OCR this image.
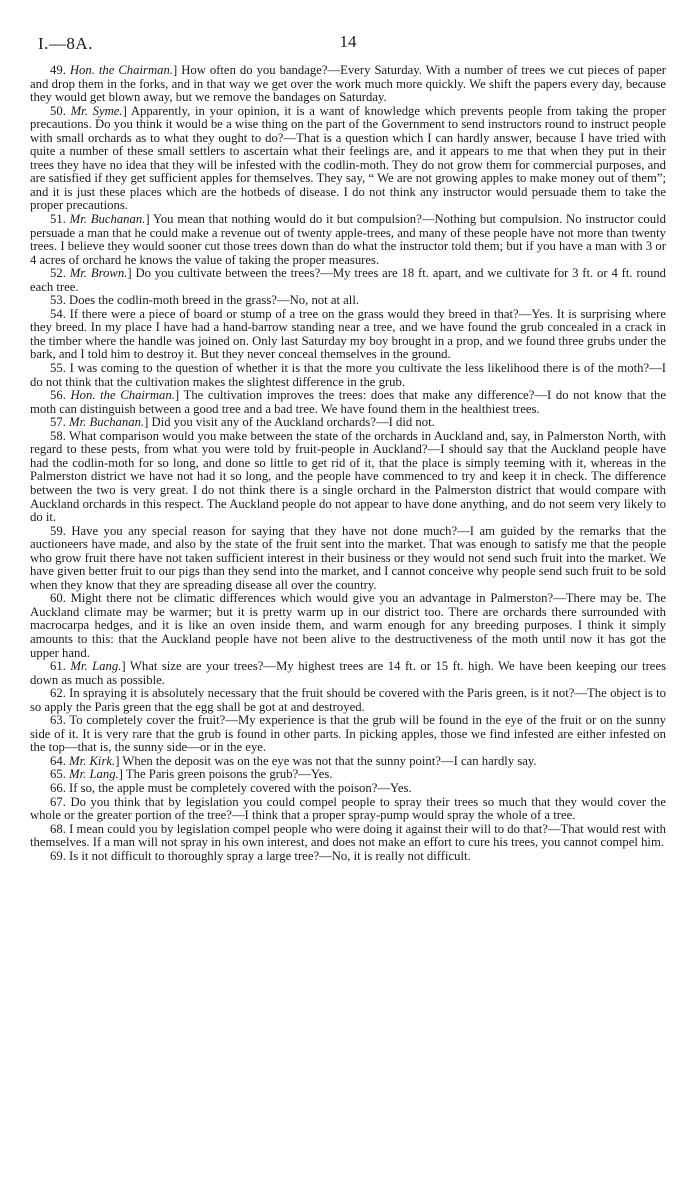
I.—8A.	14

49. Hon. the Chairman.] How often do you bandage?—Every Saturday. With a number of trees we cut pieces of paper and drop them in the forks, and in that way we get over the work much more quickly. We shift the papers every day, because they would get blown away, but we remove the bandages on Saturday.

50. Mr. Syme.] Apparently, in your opinion, it is a want of knowledge which prevents people from taking the proper precautions. Do you think it would be a wise thing on the part of the Government to send instructors round to instruct people with small orchards as to what they ought to do?—That is a question which I can hardly answer, because I have tried with quite a number of these small settlers to ascertain what their feelings are, and it appears to me that when they put in their trees they have no idea that they will be infested with the codlin-moth. They do not grow them for commercial purposes, and are satisfied if they get sufficient apples for themselves. They say, “ We are not growing apples to make money out of them”; and it is just these places which are the hotbeds of disease. I do not think any instructor would persuade them to take the proper precautions.

51. Mr. Buchanan.] You mean that nothing would do it but compulsion?—Nothing but compulsion. No instructor could persuade a man that he could make a revenue out of twenty apple-trees, and many of these people have not more than twenty trees. I believe they would sooner cut those trees down than do what the instructor told them; but if you have a man with 3 or 4 acres of orchard he knows the value of taking the proper measures.

52. Mr. Brown.] Do you cultivate between the trees?—My trees are 18 ft. apart, and we cultivate for 3 ft. or 4 ft. round each tree.

53. Does the codlin-moth breed in the grass?—No, not at all.

54. If there were a piece of board or stump of a tree on the grass would they breed in that?—Yes. It is surprising where they breed. In my place I have had a hand-barrow standing near a tree, and we have found the grub concealed in a crack in the timber where the handle was joined on. Only last Saturday my boy brought in a prop, and we found three grubs under the bark, and I told him to destroy it. But they never conceal themselves in the ground.

55. I was coming to the question of whether it is that the more you cultivate the less likelihood there is of the moth?—I do not think that the cultivation makes the slightest difference in the grub.

56. Hon. the Chairman.] The cultivation improves the trees: does that make any difference?—I do not know that the moth can distinguish between a good tree and a bad tree. We have found them in the healthiest trees.

57. Mr. Buchanan.] Did you visit any of the Auckland orchards?—I did not.

58. What comparison would you make between the state of the orchards in Auckland and, say, in Palmerston North, with regard to these pests, from what you were told by fruit-people in Auckland?—I should say that the Auckland people have had the codlin-moth for so long, and done so little to get rid of it, that the place is simply teeming with it, whereas in the Palmerston district we have not had it so long, and the people have commenced to try and keep it in check. The difference between the two is very great. I do not think there is a single orchard in the Palmerston district that would compare with Auckland orchards in this respect. The Auckland people do not appear to have done anything, and do not seem very likely to do it.

59. Have you any special reason for saying that they have not done much?—I am guided by the remarks that the auctioneers have made, and also by the state of the fruit sent into the market. That was enough to satisfy me that the people who grow fruit there have not taken sufficient interest in their business or they would not send such fruit into the market. We have given better fruit to our pigs than they send into the market, and I cannot conceive why people send such fruit to be sold when they know that they are spreading disease all over the country.

60. Might there not be climatic differences which would give you an advantage in Palmerston?—There may be. The Auckland climate may be warmer; but it is pretty warm up in our district too. There are orchards there surrounded with macrocarpa hedges, and it is like an oven inside them, and warm enough for any breeding purposes. I think it simply amounts to this: that the Auckland people have not been alive to the destructiveness of the moth until now it has got the upper hand.

61. Mr. Lang.] What size are your trees?—My highest trees are 14 ft. or 15 ft. high. We have been keeping our trees down as much as possible.

62. In spraying it is absolutely necessary that the fruit should be covered with the Paris green, is it not?—The object is to so apply the Paris green that the egg shall be got at and destroyed.

63. To completely cover the fruit?—My experience is that the grub will be found in the eye of the fruit or on the sunny side of it. It is very rare that the grub is found in other parts. In picking apples, those we find infested are either infested on the top—that is, the sunny side—or in the eye.

64. Mr. Kirk.] When the deposit was on the eye was not that the sunny point?—I can hardly say.

65. Mr. Lang.] The Paris green poisons the grub?—Yes.

66. If so, the apple must be completely covered with the poison?—Yes.

67. Do you think that by legislation you could compel people to spray their trees so much that they would cover the whole or the greater portion of the tree?—I think that a proper spray-pump would spray the whole of a tree.

68. I mean could you by legislation compel people who were doing it against their will to do that?—That would rest with themselves. If a man will not spray in his own interest, and does not make an effort to cure his trees, you cannot compel him.

69. Is it not difficult to thoroughly spray a large tree?—No, it is really not difficult.
